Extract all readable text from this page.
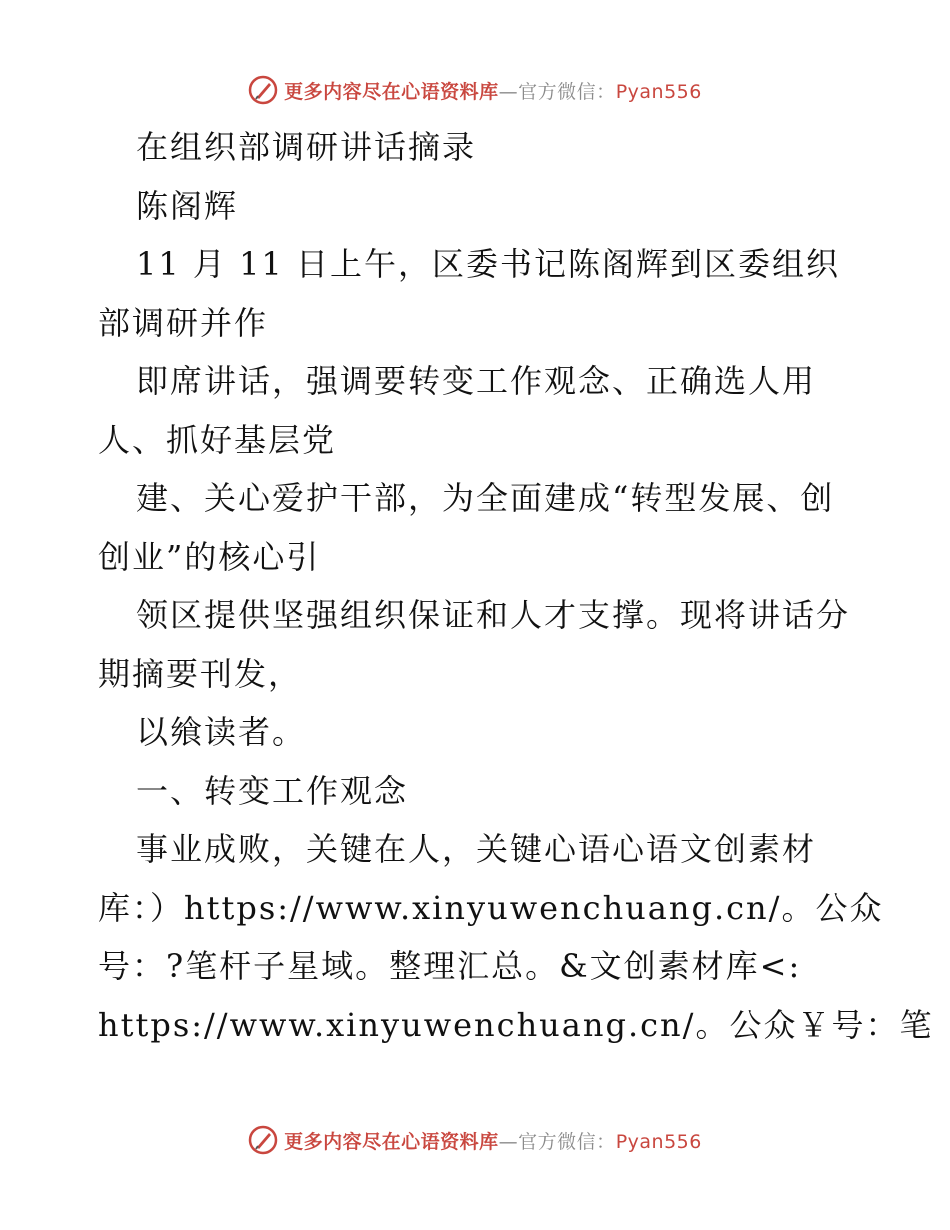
更多内容尽在心语资料库—官方微信：Pyan556
在组织部调研讲话摘录
陈阁辉
11 月 11 日上午，区委书记陈阁辉到区委组织
部调研并作
即席讲话，强调要转变工作观念、正确选人用
人、抓好基层党
建、关心爱护干部，为全面建成“转型发展、创
创业”的核心引
领区提供坚强组织保证和人才支撑。现将讲话分
期摘要刊发，
以飨读者。
一、转变工作观念
事业成败，关键在人，关键心语心语文创素材
库：）https://www.xinyuwenchuang.cn/。公众
号：?笔杆子星域。整理汇总。&文创素材库<:
https://www.xinyuwenchuang.cn/。公众￥号：笔
更多内容尽在心语资料库—官方微信：Pyan556
